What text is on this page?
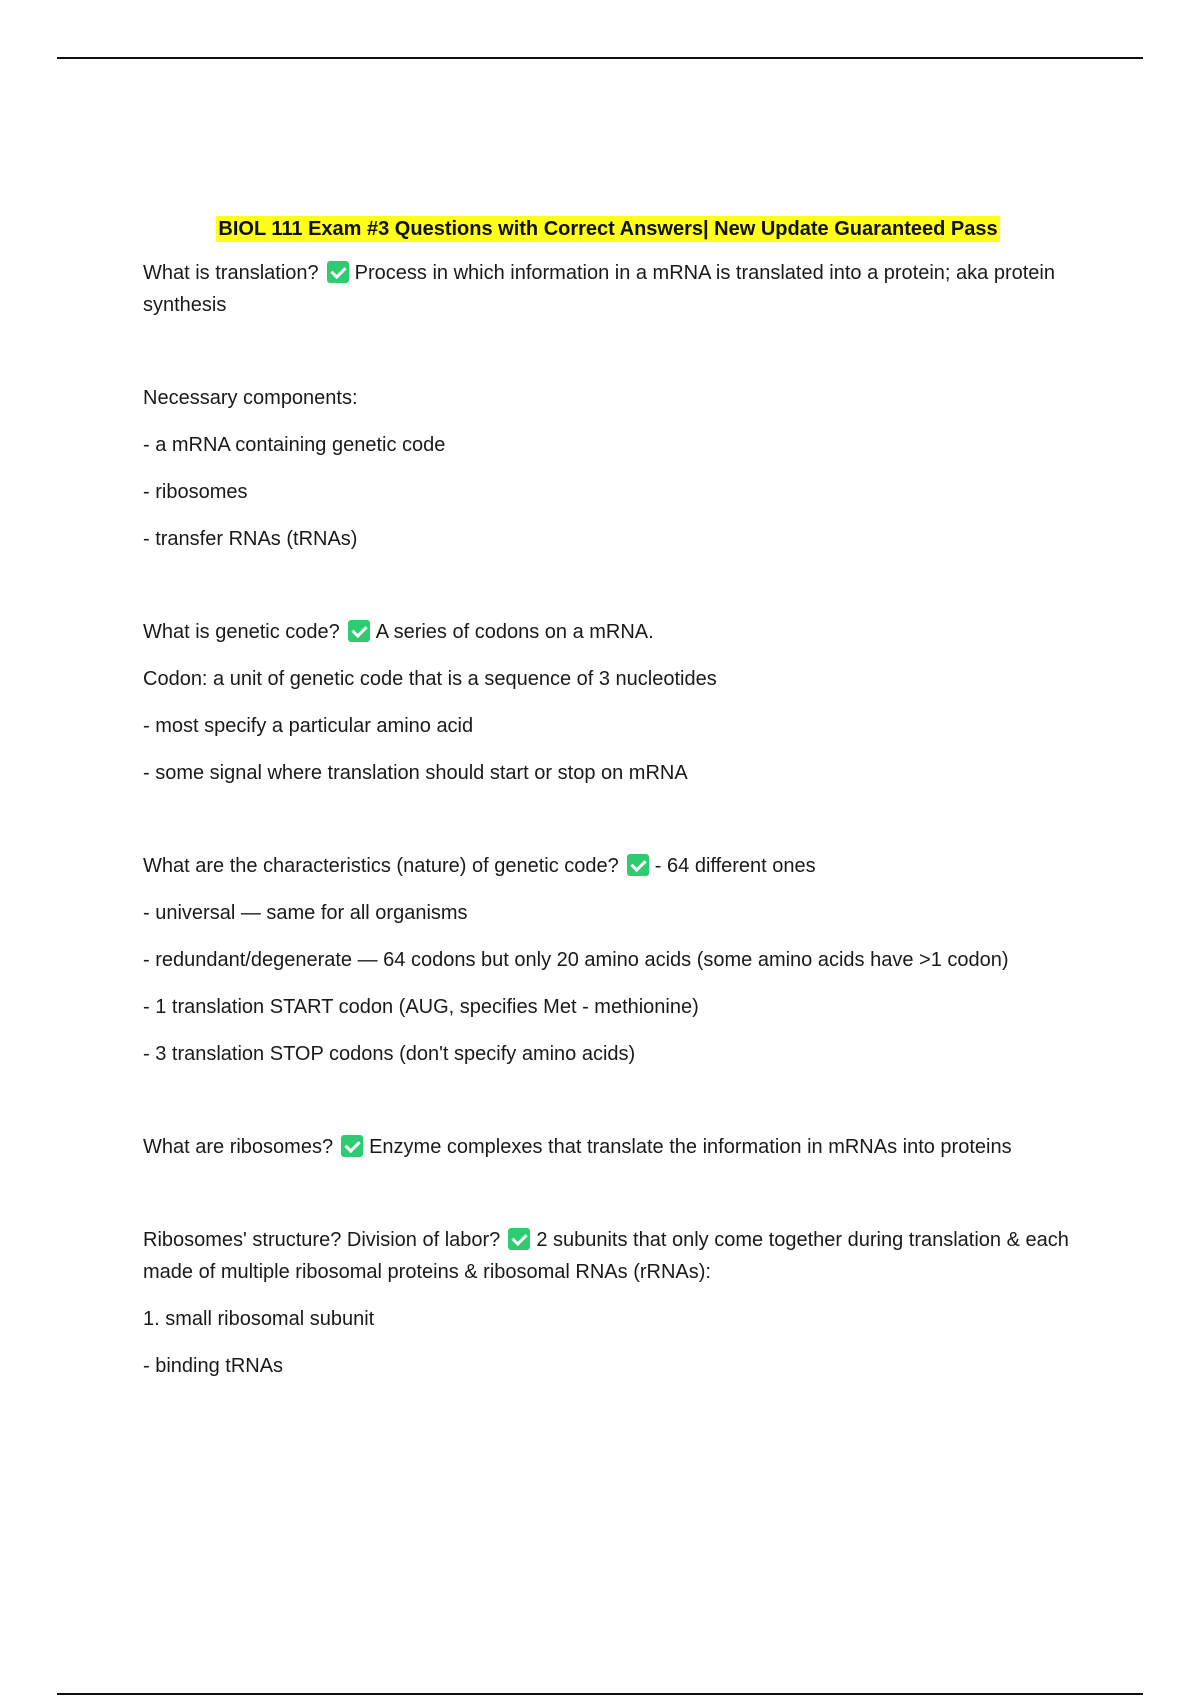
BIOL 111 Exam #3 Questions with Correct Answers| New Update Guaranteed Pass
What is translation? Process in which information in a mRNA is translated into a protein; aka protein synthesis
Necessary components:
- a mRNA containing genetic code
- ribosomes
- transfer RNAs (tRNAs)
What is genetic code? A series of codons on a mRNA.
Codon: a unit of genetic code that is a sequence of 3 nucleotides
- most specify a particular amino acid
- some signal where translation should start or stop on mRNA
What are the characteristics (nature) of genetic code? - 64 different ones
- universal — same for all organisms
- redundant/degenerate — 64 codons but only 20 amino acids (some amino acids have >1 codon)
- 1 translation START codon (AUG, specifies Met - methionine)
- 3 translation STOP codons (don't specify amino acids)
What are ribosomes? Enzyme complexes that translate the information in mRNAs into proteins
Ribosomes' structure? Division of labor? 2 subunits that only come together during translation & each made of multiple ribosomal proteins & ribosomal RNAs (rRNAs):
1. small ribosomal subunit
- binding tRNAs
